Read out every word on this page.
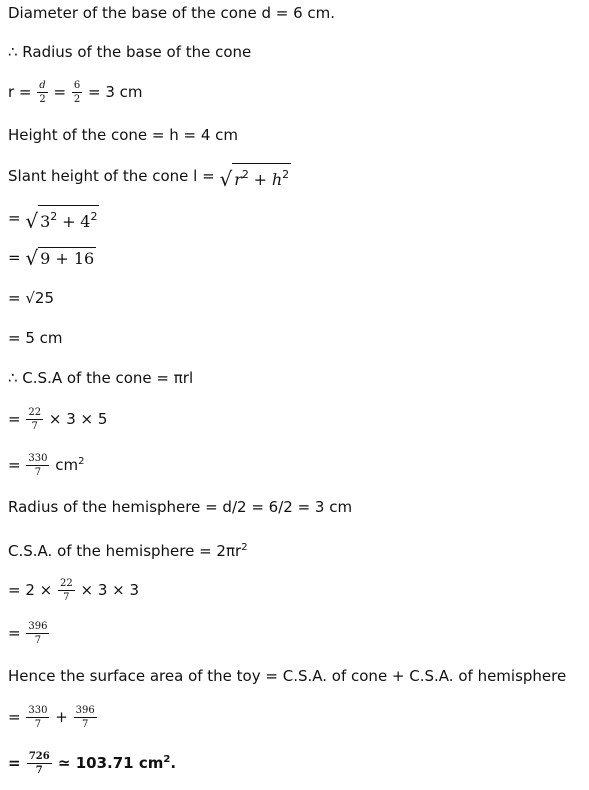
Diameter of the base of the cone d = 6 cm.
∴ Radius of the base of the cone
$r = \frac{d}{2} = \frac{6}{2} = 3$ cm
Height of the cone = h = 4 cm
Slant height of the cone l = √ $r^2 + h^2$
= √ $3^2 + 4^2$
= √ 9 + 16
= √25
= 5 cm
∴ C.S.A of the cone = πrl
= $\frac{22}{7} \times 3 \times 5$
= $\frac{330}{7} cm^2$
Radius of the hemisphere = d/2 = 6/2 = 3 cm
C.S.A. of the hemisphere = $2\pi r^2$
= $2 \times \frac{22}{7} \times 3 \times 3$
= $\frac{396}{7}$
Hence the surface area of the toy = C.S.A. of cone + C.S.A. of hemisphere
= $\frac{330}{7} + \frac{396}{7}$
= $\frac{726}{7}$ ≃ 103.71 $cm^2$.
